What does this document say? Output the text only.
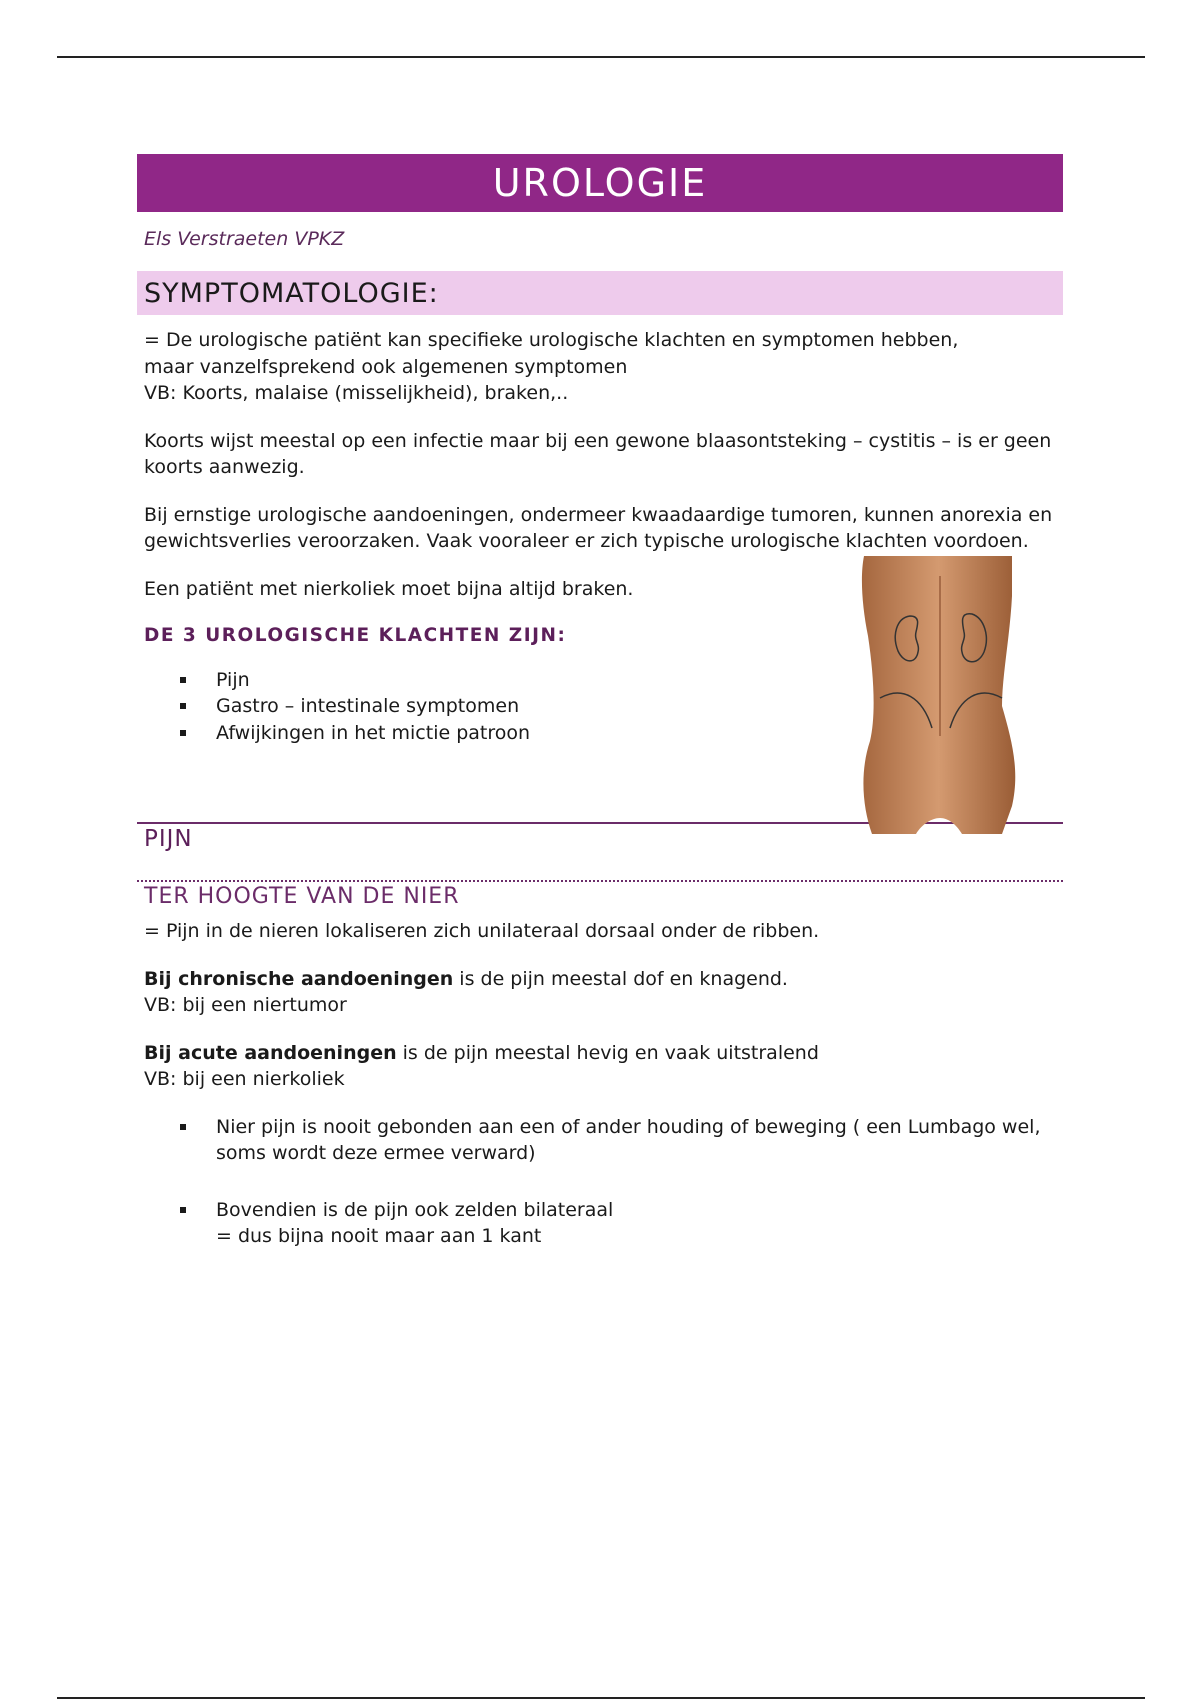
UROLOGIE
Els Verstraeten VPKZ
SYMPTOMATOLOGIE:

= De urologische patiënt kan specifieke urologische klachten en symptomen hebben,
maar vanzelfsprekend ook algemenen symptomen
VB: Koorts, malaise (misselijkheid), braken,..

Koorts wijst meestal op een infectie maar bij een gewone blaasontsteking – cystitis – is er geen koorts aanwezig.

Bij ernstige urologische aandoeningen, ondermeer kwaadaardige tumoren, kunnen anorexia en gewichtsverlies veroorzaken. Vaak vooraleer er zich typische urologische klachten voordoen.

Een patiënt met nierkoliek moet bijna altijd braken.

DE 3 UROLOGISCHE KLACHTEN ZIJN:
Pijn
Gastro – intestinale symptomen
Afwijkingen in het mictie patroon
PIJN
TER HOOGTE VAN DE NIER

= Pijn in de nieren lokaliseren zich unilateraal dorsaal onder de ribben.

Bij chronische aandoeningen is de pijn meestal dof en knagend.
VB: bij een niertumor

Bij acute aandoeningen is de pijn meestal hevig en vaak uitstralend
VB: bij een nierkoliek

Nier pijn is nooit gebonden aan een of ander houding of beweging ( een Lumbago wel, soms wordt deze ermee verward)
Bovendien is de pijn ook zelden bilateraal
= dus bijna nooit maar aan 1 kant
